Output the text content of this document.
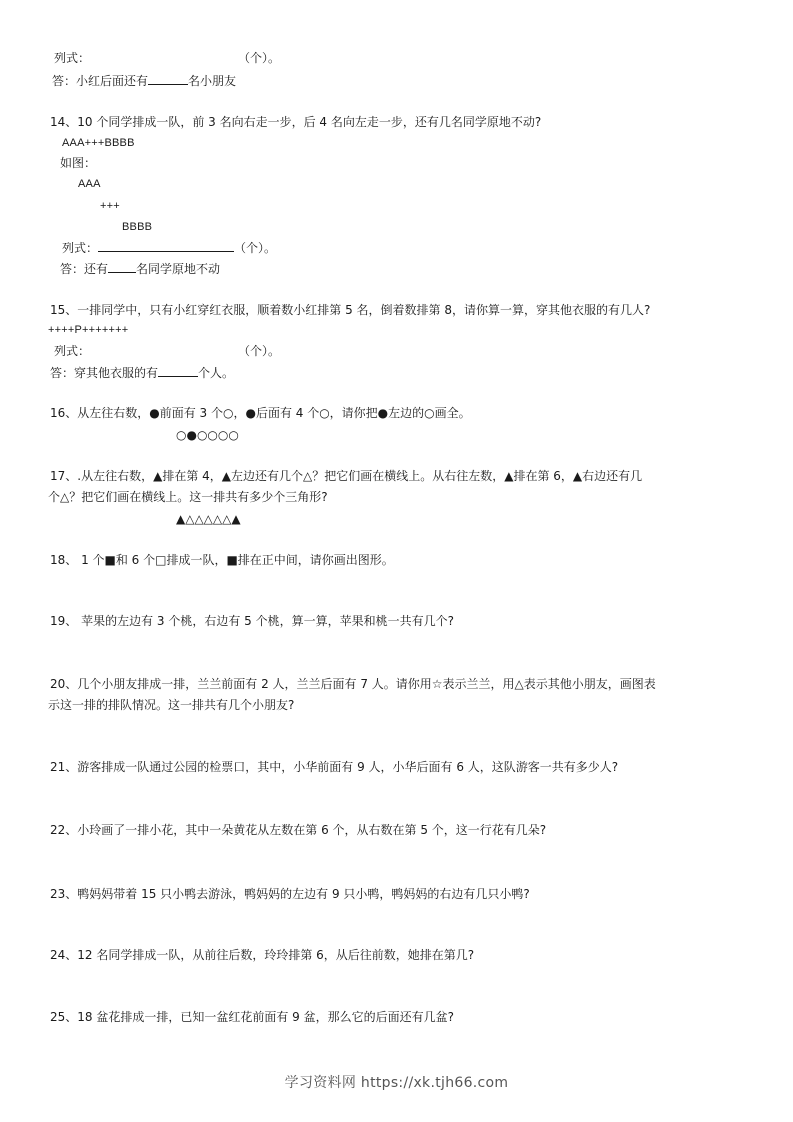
列式：	（个）。
答：小红后面还有	名小朋友
14、10 个同学排成一队，前 3 名向右走一步，后 4 名向左走一步，还有几名同学原地不动?
AAA+++BBBB
如图：
AAA
+++
BBBB
列式：	（个）。
答：还有 名同学原地不动
15、一排同学中，只有小红穿红衣服，顺着数小红排第 5 名，倒着数排第 8，请你算一算，穿其他衣服的有几人?
++++P+++++++
列式：	（个）。
答：穿其他衣服的有	个人。
16、从左往右数，●前面有 3 个○，●后面有 4 个○，请你把●左边的○画全。
○●○○○○
17、.从左往右数，▲排在第 4，▲左边还有几个△？把它们画在横线上。从右往左数，▲排在第 6，▲右边还有几
个△？把它们画在横线上。这一排共有多少个三角形?
▲△△△△△▲
18、 1 个■和 6 个□排成一队，■排在正中间，请你画出图形。
19、 苹果的左边有 3 个桃，右边有 5 个桃，算一算，苹果和桃一共有几个?
20、几个小朋友排成一排，兰兰前面有 2 人，兰兰后面有 7 人。请你用☆表示兰兰，用△表示其他小朋友，画图表
示这一排的排队情况。这一排共有几个小朋友?
21、游客排成一队通过公园的检票口，其中，小华前面有 9 人，小华后面有 6 人，这队游客一共有多少人?
22、小玲画了一排小花，其中一朵黄花从左数在第 6 个，从右数在第 5 个，这一行花有几朵?
23、鸭妈妈带着 15 只小鸭去游泳，鸭妈妈的左边有 9 只小鸭，鸭妈妈的右边有几只小鸭?
24、12 名同学排成一队，从前往后数，玲玲排第 6，从后往前数，她排在第几?
25、18 盆花排成一排，已知一盆红花前面有 9 盆，那么它的后面还有几盆?
学习资料网 https://xk.tjh66.com
